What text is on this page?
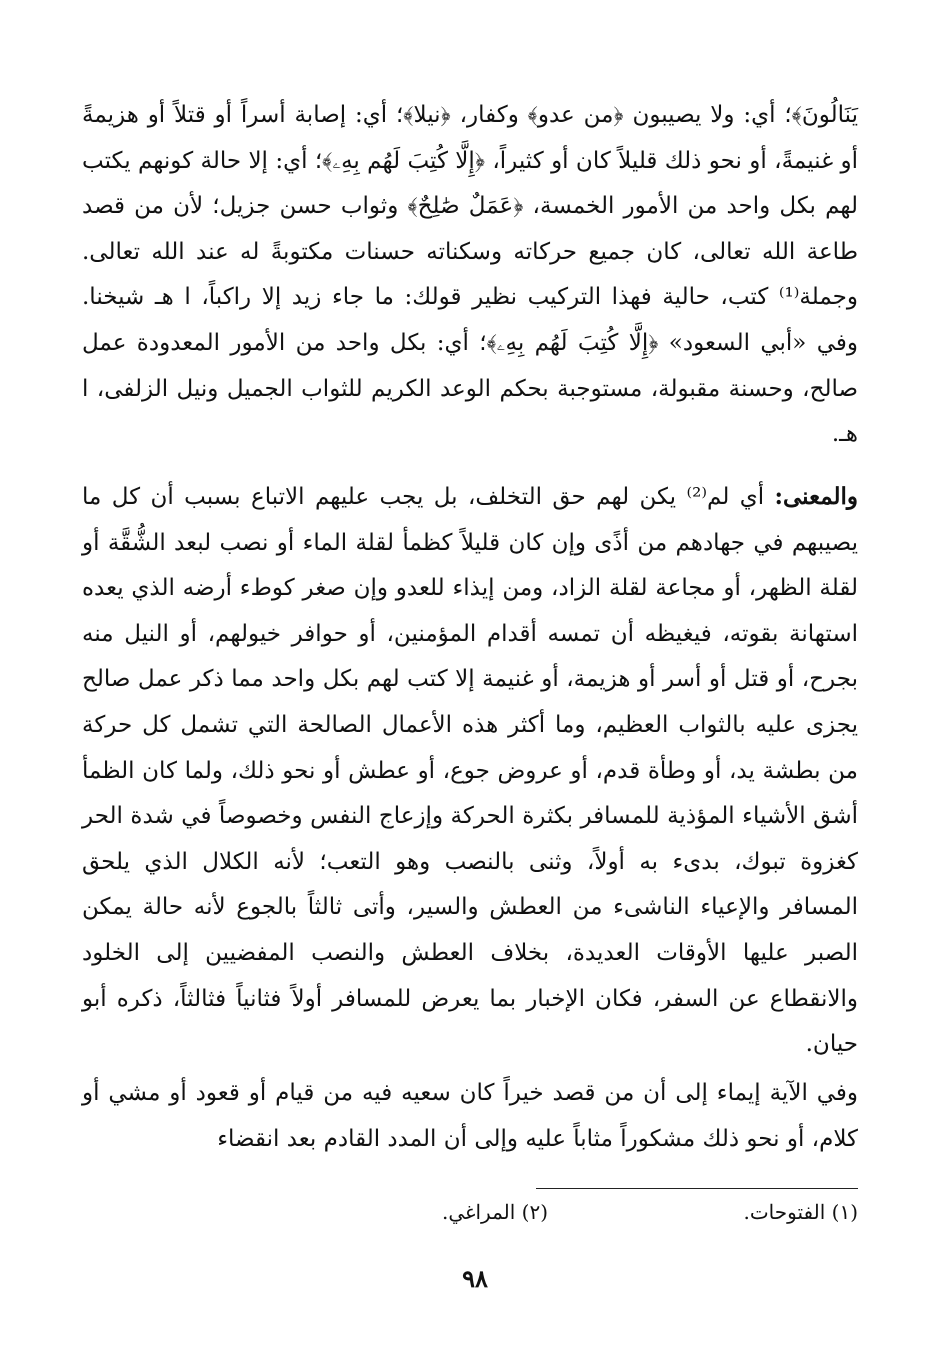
يَنَالُونَ﴾؛ أي: ولا يصيبون ﴿من عدو﴾ وكفار، ﴿نيلا﴾؛ أي: إصابة أسراً أو قتلاً أو هزيمةً أو غنيمةً، أو نحو ذلك قليلاً كان أو كثيراً، ﴿إِلَّا كُتِبَ لَهُم بِهِۦ﴾؛ أي: إلا حالة كونهم يكتب لهم بكل واحد من الأمور الخمسة، ﴿عَمَلٌ صَٰلِحٌ﴾ وثواب حسن جزيل؛ لأن من قصد طاعة الله تعالى، كان جميع حركاته وسكناته حسنات مكتوبةً له عند الله تعالى. وجملة⁽¹⁾ كتب، حالية فهذا التركيب نظير قولك: ما جاء زيد إلا راكباً، ا هـ شيخنا. وفي «أبي السعود» ﴿إِلَّا كُتِبَ لَهُم بِهِۦ﴾؛ أي: بكل واحد من الأمور المعدودة عمل صالح، وحسنة مقبولة، مستوجبة بحكم الوعد الكريم للثواب الجميل ونيل الزلفى، ا هـ.

والمعنى: أي لم⁽²⁾ يكن لهم حق التخلف، بل يجب عليهم الاتباع بسبب أن كل ما يصيبهم في جهادهم من أذًى وإن كان قليلاً كظمأ لقلة الماء أو نصب لبعد الشُّقَّة أو لقلة الظهر، أو مجاعة لقلة الزاد، ومن إيذاء للعدو وإن صغر كوطء أرضه الذي يعده استهانة بقوته، فيغيظه أن تمسه أقدام المؤمنين، أو حوافر خيولهم، أو النيل منه بجرح، أو قتل أو أسر أو هزيمة، أو غنيمة إلا كتب لهم بكل واحد مما ذكر عمل صالح يجزى عليه بالثواب العظيم، وما أكثر هذه الأعمال الصالحة التي تشمل كل حركة من بطشة يد، أو وطأة قدم، أو عروض جوع، أو عطش أو نحو ذلك، ولما كان الظمأ أشق الأشياء المؤذية للمسافر بكثرة الحركة وإزعاج النفس وخصوصاً في شدة الحر كغزوة تبوك، بدىء به أولاً، وثنى بالنصب وهو التعب؛ لأنه الكلال الذي يلحق المسافر والإعياء الناشىء من العطش والسير، وأتى ثالثاً بالجوع لأنه حالة يمكن الصبر عليها الأوقات العديدة، بخلاف العطش والنصب المفضيين إلى الخلود والانقطاع عن السفر، فكان الإخبار بما يعرض للمسافر أولاً فثانياً فثالثاً، ذكره أبو حيان.

وفي الآية إيماء إلى أن من قصد خيراً كان سعيه فيه من قيام أو قعود أو مشي أو كلام، أو نحو ذلك مشكوراً مثاباً عليه وإلى أن المدد القادم بعد انقضاء

(١) الفتوحات.
(٢) المراغي.
٩٨
